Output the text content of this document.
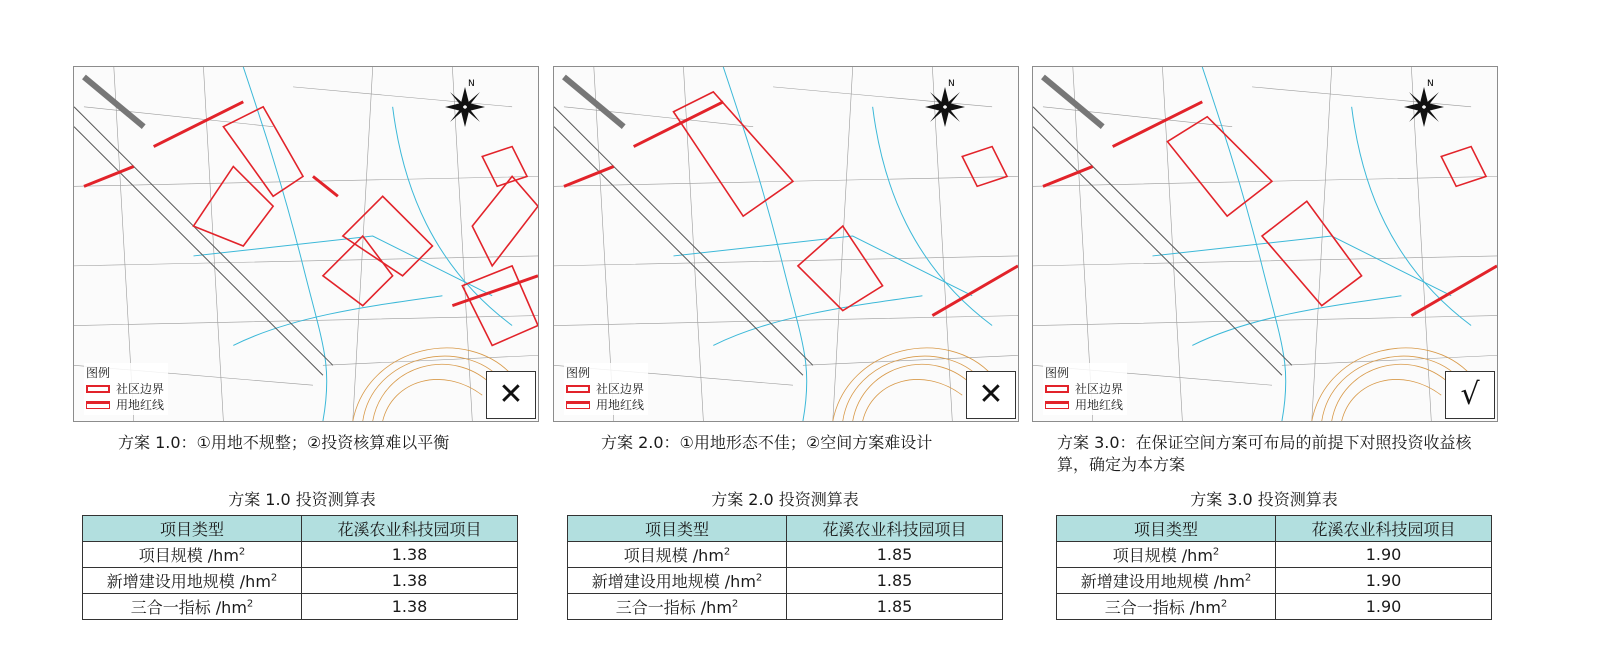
N
图例
社区边界
用地红线	✕
方案 1.0：①用地不规整；②投资核算难以平衡
方案 1.0 投资测算表
项目类型	花溪农业科技园项目
项目规模 $/hm^2$	1.38
新增建设用地规模 $/hm^2$	1.38
三合一指标 $/hm^2$	1.38
N
图例
社区边界
用地红线	✕
方案 2.0：①用地形态不佳；②空间方案难设计
方案 2.0 投资测算表
项目类型	花溪农业科技园项目
项目规模 $/hm^2$	1.85
新增建设用地规模 $/hm^2$	1.85
三合一指标 $/hm^2$	1.85
N
图例
社区边界
用地红线	√
方案 3.0：在保证空间方案可布局的前提下对照投资收益核算，确定为本方案
方案 3.0 投资测算表
项目类型	花溪农业科技园项目
项目规模 $/hm^2$	1.90
新增建设用地规模 $/hm^2$	1.90
三合一指标 $/hm^2$	1.90
